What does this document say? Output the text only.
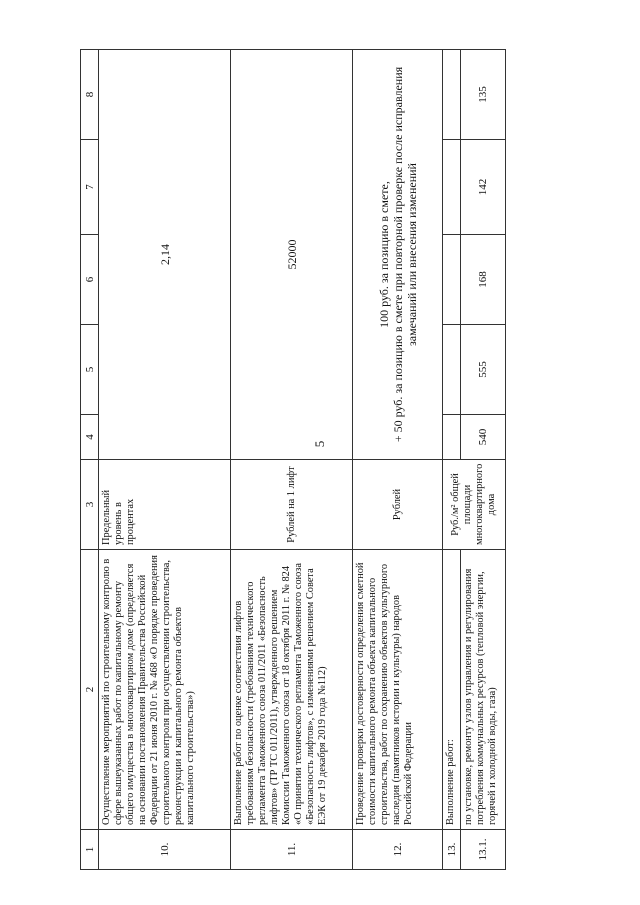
5
1	2	3	4	5	6	7	8
10.	Осуществление мероприятий по строительному контролю в сфере вышеуказанных работ по капитальному ремонту общего имущества в многоквартирном доме (определяется на основании постановления Правительства Российской Федерации от 21 июня 2010 г. № 468 «О порядке проведения строительного контроля при осуществлении строительства, реконструкции и капитального ремонта объектов капитального строительства»)	Предельный уровень в процентах	2,14				
11.	Выполнение работ по оценке соответствия лифтов требованиям безопасности (требованиям технического регламента Таможенного союза 011/2011 «Безопасность лифтов» (ТР ТС 011/2011), утвержденного решением Комиссии Таможенного союза от 18 октября 2011 г. № 824 «О принятии технического регламента Таможенного союза «Безопасность лифтов», с изменениями решением Совета ЕЭК от 19 декабря 2019 года №112)	Рублей на 1 лифт	52000				
12.	Проведение проверки достоверности определения сметной стоимости капитального ремонта объекта капитального строительства, работ по сохранению объектов культурного наследия (памятников истории и культуры) народов Российской Федерации	Рублей	100 руб. за позицию в смете, + 50 руб. за позицию в смете при повторной проверке после исправления замечаний или внесения изменений				

13.	Выполнение работ:	Руб./м² общей площади многоквартирного дома					
13.1.	по установке, ремонту узлов управления и регулирования потребления коммунальных ресурсов (тепловой энергии, горячей и холодной воды, газа)		540	555	168	142	135
